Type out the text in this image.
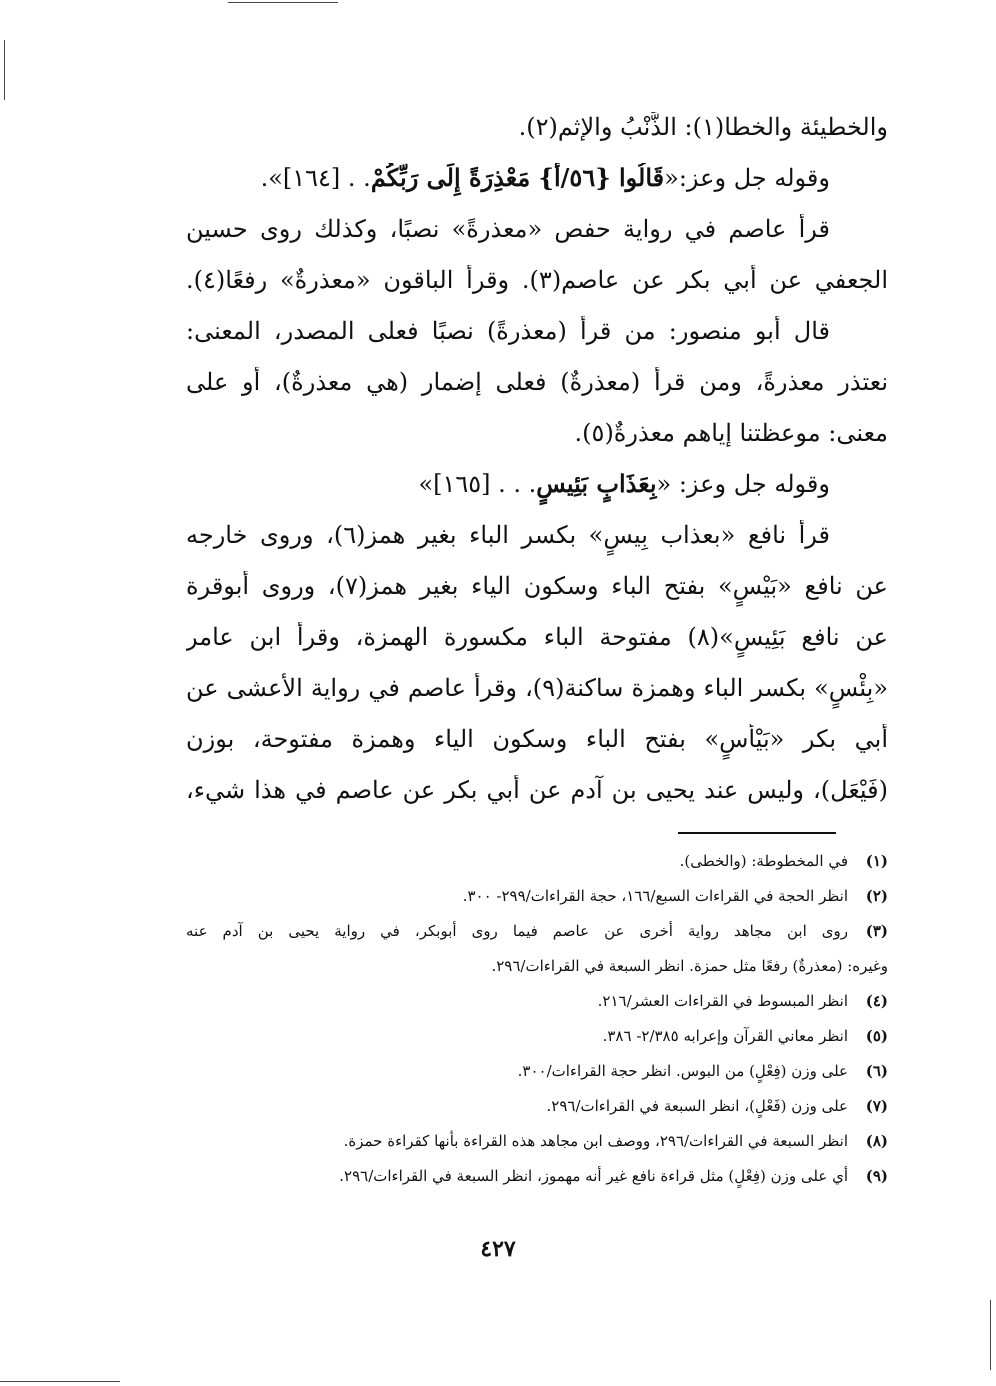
والخطيئة والخطا(١): الذَّنْبُ والإثم(٢).
وقوله جل وعز:«قَالُوا {٥٦/أ} مَعْذِرَةً إِلَى رَبِّكُمْ. . [١٦٤]».
قرأ عاصم في رواية حفص «معذرةً» نصبًا، وكذلك روى حسين
الجعفي عن أبي بكر عن عاصم(٣). وقرأ الباقون «معذرةٌ» رفعًا(٤).
قال أبو منصور: من قرأ (معذرةً) نصبًا فعلى المصدر، المعنى:
نعتذر معذرةً، ومن قرأ (معذرةٌ) فعلى إضمار (هي معذرةٌ)، أو على
معنى: موعظتنا إياهم معذرةٌ(٥).
وقوله جل وعز: «بِعَذَابٍ بَئِيسٍ. . . [١٦٥]»
قرأ نافع «بعذاب بِيسٍ» بكسر الباء بغير همز(٦)، وروى خارجه
عن نافع «بَيْسٍ» بفتح الباء وسكون الياء بغير همز(٧)، وروى أبوقرة
عن نافع بَئِيسٍ»(٨) مفتوحة الباء مكسورة الهمزة، وقرأ ابن عامر
«بِئْسٍ» بكسر الباء وهمزة ساكنة(٩)، وقرأ عاصم في رواية الأعشى عن
أبي بكر «بَيْأَسٍ» بفتح الباء وسكون الياء وهمزة مفتوحة، بوزن
(فَيْعَل)، وليس عند يحيى بن آدم عن أبي بكر عن عاصم في هذا شيء،
(١)في المخطوطة: (والخطى).
(٢)انظر الحجة في القراءات السبع/١٦٦، حجة القراءات/٢٩٩- ٣٠٠.
(٣)روى ابن مجاهد رواية أخرى عن عاصم فيما روى أبوبكر، في رواية يحيى بن آدم عنه
وغيره: (معذرةٌ) رفعًا مثل حمزة. انظر السبعة في القراءات/٢٩٦.
(٤)انظر المبسوط في القراءات العشر/٢١٦.
(٥)انظر معاني القرآن وإعرابه ٢/٣٨٥- ٣٨٦.
(٦)على وزن (فِعْلٍ) من البوس. انظر حجة القراءات/٣٠٠.
(٧)على وزن (فَعْلٍ)، انظر السبعة في القراءات/٢٩٦.
(٨)انظر السبعة في القراءات/٢٩٦، ووصف ابن مجاهد هذه القراءة بأنها كقراءة حمزة.
(٩)أي على وزن (فِعْلٍ) مثل قراءة نافع غير أنه مهموز، انظر السبعة في القراءات/٢٩٦.
٤٢٧
